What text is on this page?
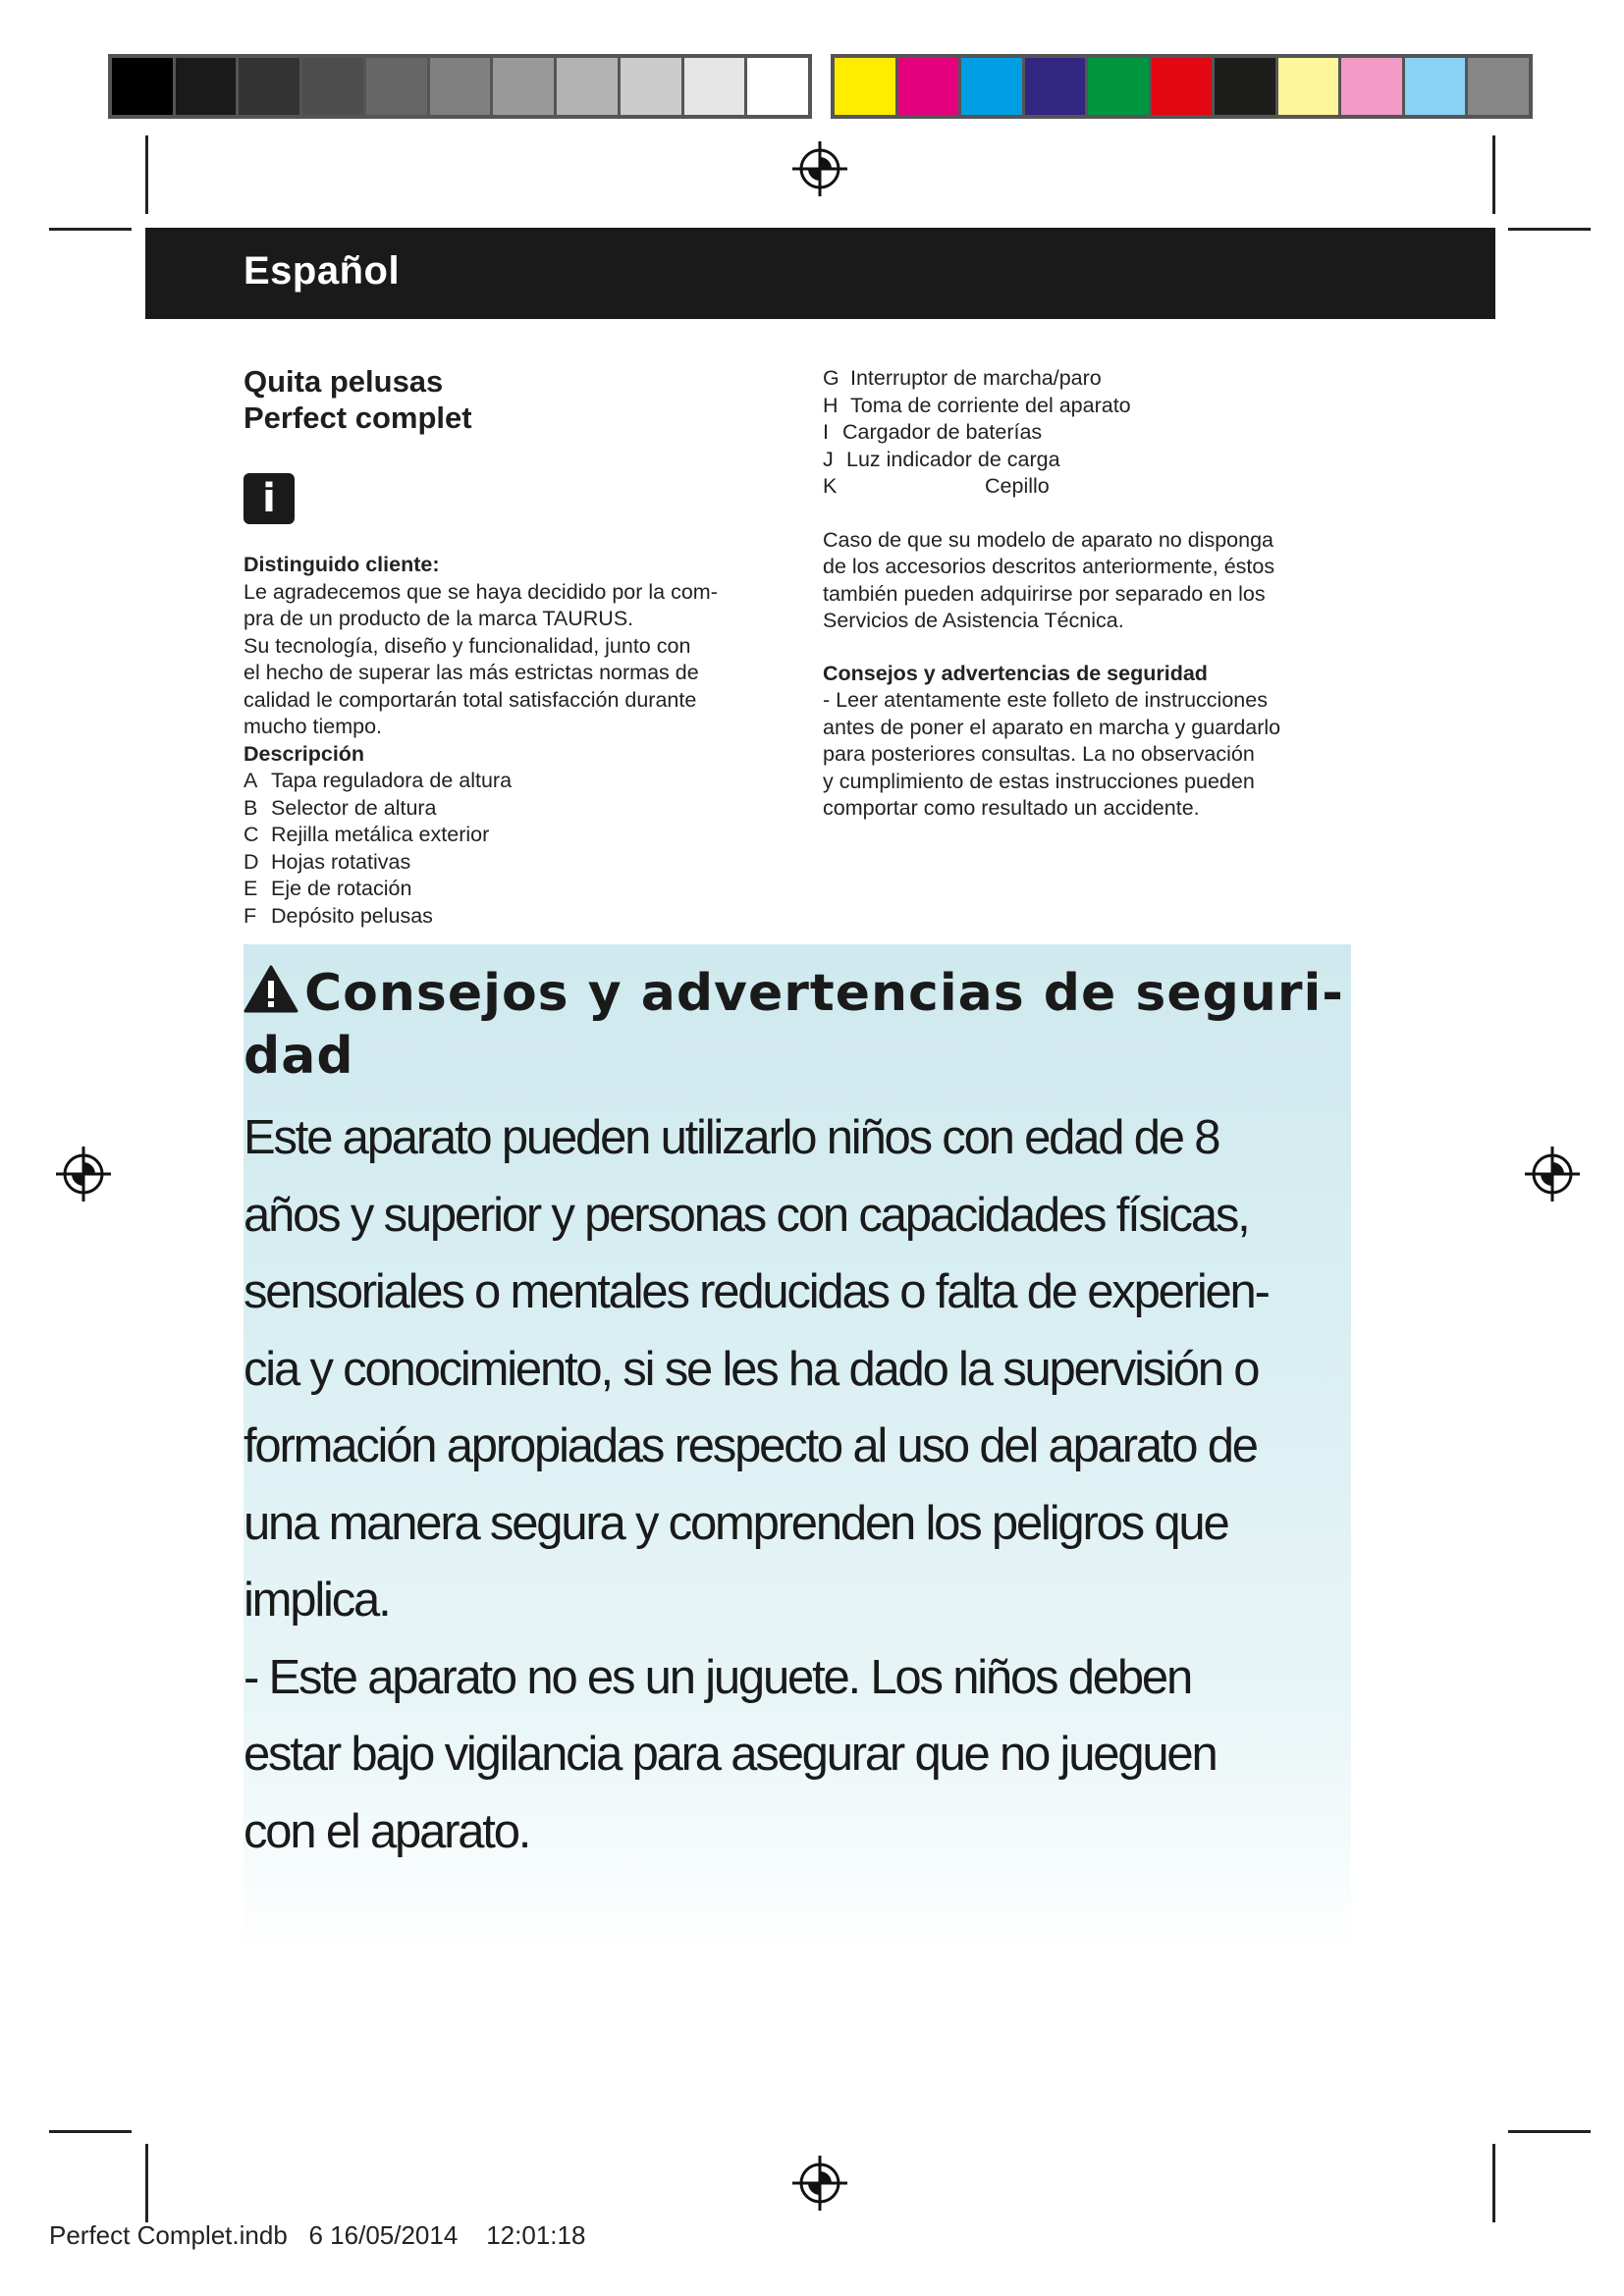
Español
Quita pelusas
Perfect complet
i

Distinguido cliente:

Le agradecemos que se haya decidido por la com-

pra de un producto de la marca TAURUS.

Su tecnología, diseño y funcionalidad, junto con

el hecho de superar las más estrictas normas de

calidad le comportarán total satisfacción durante

mucho tiempo.

Descripción

A Tapa reguladora de altura
B Selector de altura
C Rejilla metálica exterior
D Hojas rotativas
E Eje de rotación
F Depósito pelusas
G Interruptor de marcha/paro
H Toma de corriente del aparato
I Cargador de baterías
J Luz indicador de carga
K	Cepillo

Caso de que su modelo de aparato no disponga

de los accesorios descritos anteriormente, éstos

también pueden adquirirse por separado en los

Servicios de Asistencia Técnica.

Consejos y advertencias de seguridad

- Leer atentamente este folleto de instrucciones

antes de poner el aparato en marcha y guardarlo

para posteriores consultas. La no observación

y cumplimiento de estas instrucciones pueden

comportar como resultado un accidente.

Consejos y advertencias de seguri-
dad

Este aparato pueden utilizarlo niños con edad de 8

años y superior y personas con capacidades físicas,

sensoriales o mentales reducidas o falta de experien-

cia y conocimiento, si se les ha dado la supervisión o

formación apropiadas respecto al uso del aparato de

una manera segura y comprenden los peligros que

implica.

- Este aparato no es un juguete. Los niños deben

estar bajo vigilancia para asegurar que no jueguen

con el aparato.

Perfect Complet.indb 6 16/05/2014 12:01:18
